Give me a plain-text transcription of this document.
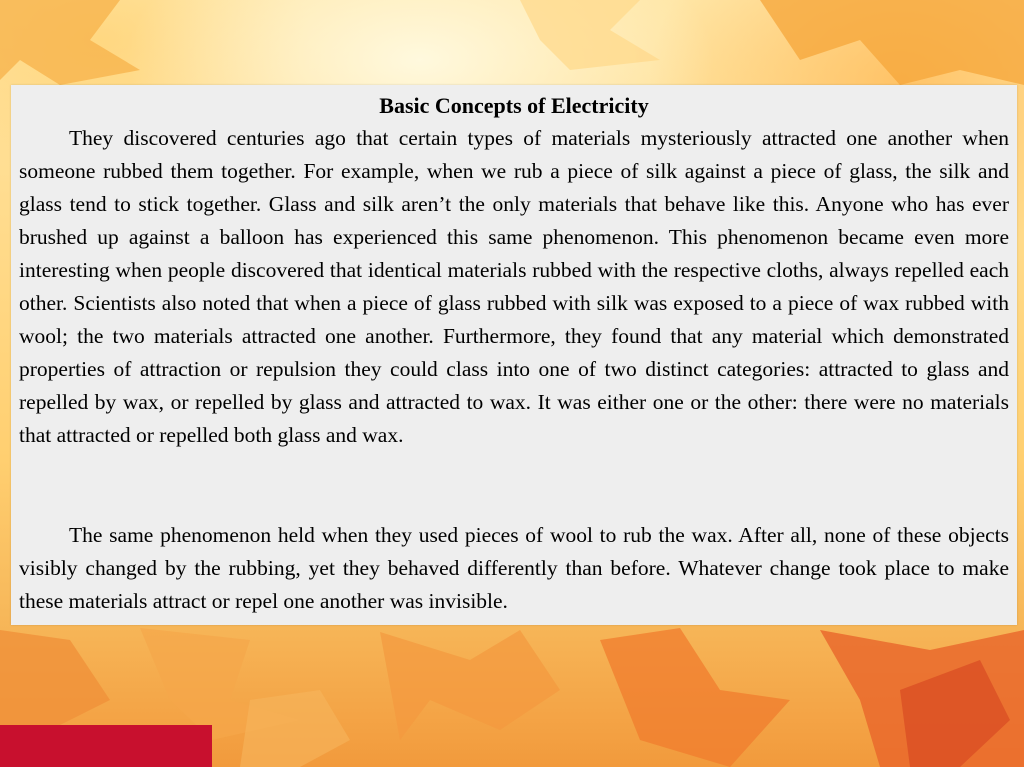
Basic Concepts of Electricity

They discovered centuries ago that certain types of materials mysteriously attracted one another when someone rubbed them together. For example, when we rub a piece of silk against a piece of glass, the silk and glass tend to stick together. Glass and silk aren’t the only materials that behave like this. Anyone who has ever brushed up against a balloon has experienced this same phenomenon. This phenomenon became even more interesting when people discovered that identical materials rubbed with the respective cloths, always repelled each other. Scientists also noted that when a piece of glass rubbed with silk was exposed to a piece of wax rubbed with wool; the two materials attracted one another. Furthermore, they found that any material which demonstrated properties of attraction or repulsion they could class into one of two distinct categories: attracted to glass and repelled by wax, or repelled by glass and attracted to wax. It was either one or the other: there were no materials that attracted or repelled both glass and wax.

The same phenomenon held when they used pieces of wool to rub the wax. After all, none of these objects visibly changed by the rubbing, yet they behaved differently than before. Whatever change took place to make these materials attract or repel one another was invisible.
